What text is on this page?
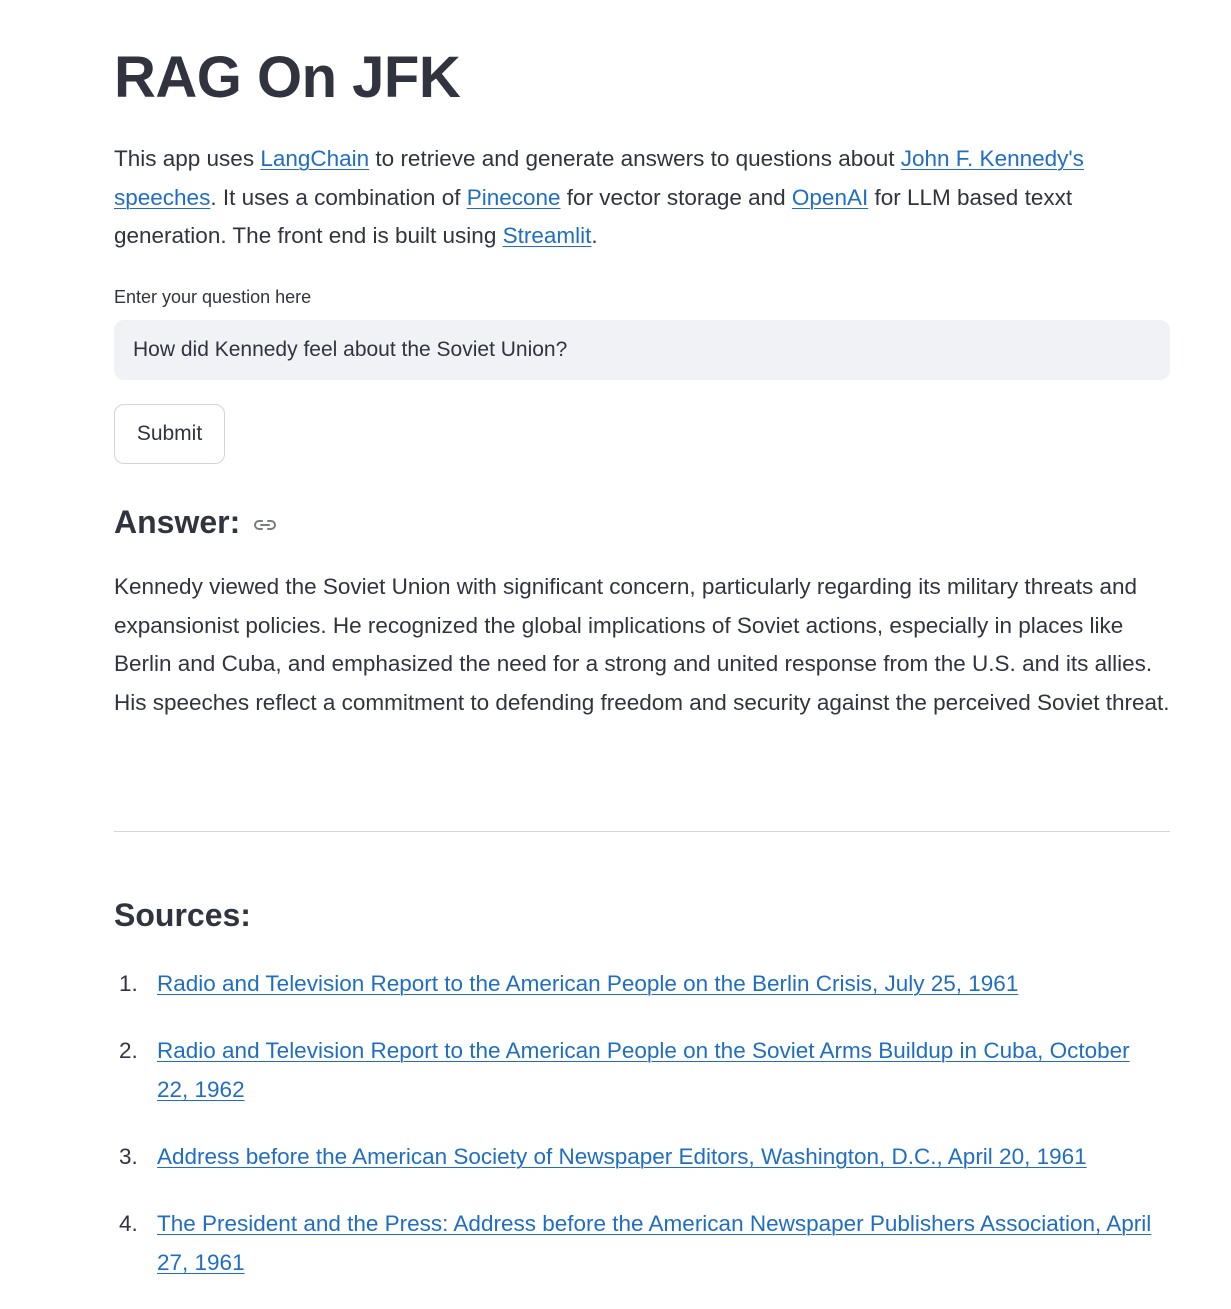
RAG On JFK

This app uses LangChain to retrieve and generate answers to questions about John F. Kennedy's speeches. It uses a combination of Pinecone for vector storage and OpenAI for LLM based texxt generation. The front end is built using Streamlit.

Enter your question here
How did Kennedy feel about the Soviet Union?
Submit
Answer:

Kennedy viewed the Soviet Union with significant concern, particularly regarding its military threats and expansionist policies. He recognized the global implications of Soviet actions, especially in places like Berlin and Cuba, and emphasized the need for a strong and united response from the U.S. and its allies. His speeches reflect a commitment to defending freedom and security against the perceived Soviet threat.

Sources:
1. Radio and Television Report to the American People on the Berlin Crisis, July 25, 1961
2. Radio and Television Report to the American People on the Soviet Arms Buildup in Cuba, October 22, 1962
3. Address before the American Society of Newspaper Editors, Washington, D.C., April 20, 1961
4. The President and the Press: Address before the American Newspaper Publishers Association, April 27, 1961
